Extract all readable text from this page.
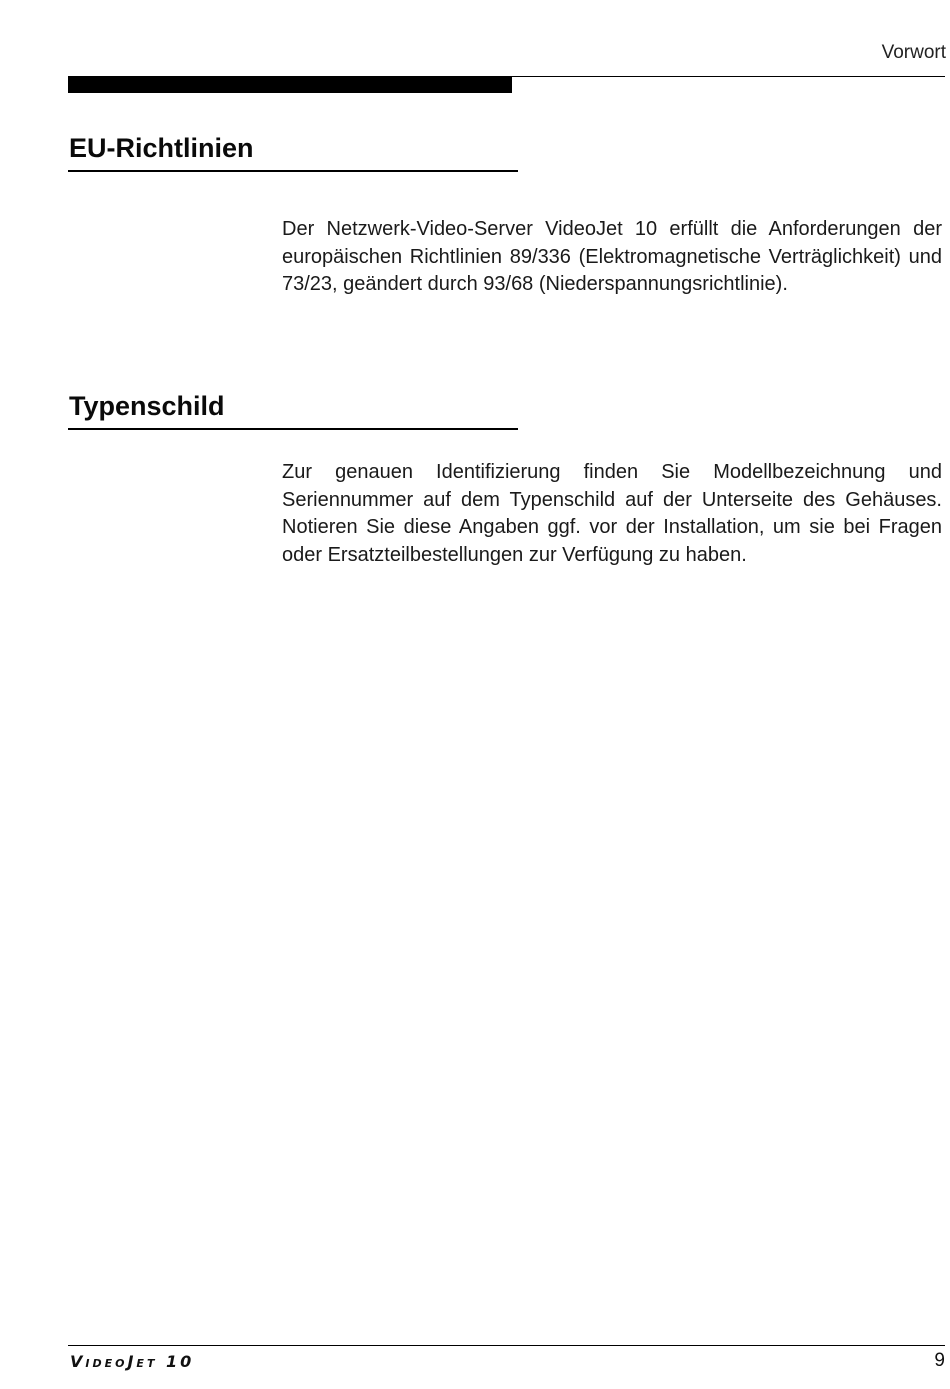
Vorwort
EU-Richtlinien

Der Netzwerk-Video-Server VideoJet 10 erfüllt die Anforderungen der europäischen Richtlinien 89/336 (Elektromagnetische Verträglichkeit) und 73/23, geändert durch 93/68 (Niederspannungsrichtlinie).

Typenschild

Zur genauen Identifizierung finden Sie Modellbezeichnung und Seriennummer auf dem Typenschild auf der Unterseite des Gehäuses. Notieren Sie diese Angaben ggf. vor der Installation, um sie bei Fragen oder Ersatzteilbestellungen zur Verfügung zu haben.

VideoJet 10	9
